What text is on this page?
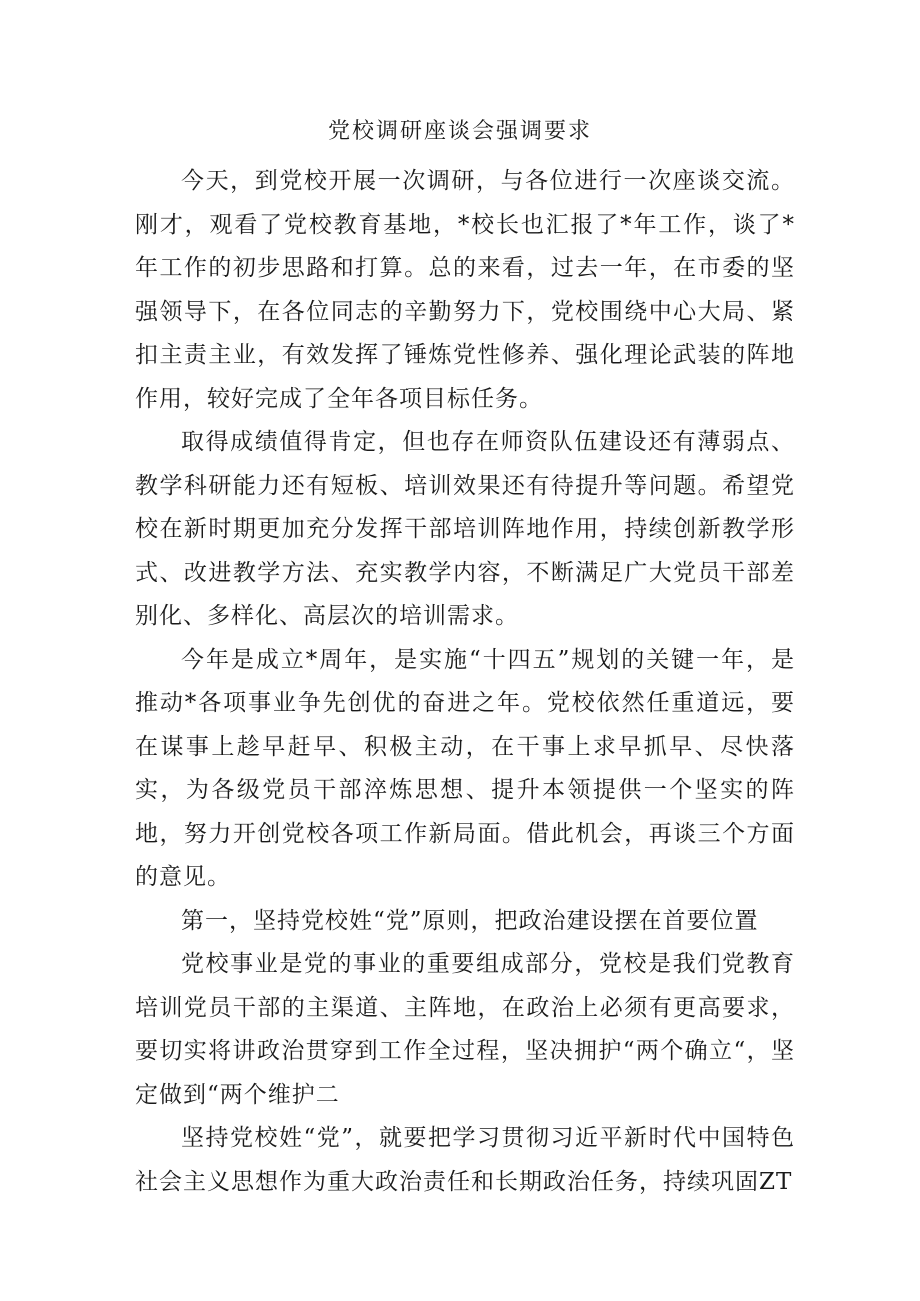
党校调研座谈会强调要求

今天，到党校开展一次调研，与各位进行一次座谈交流。刚才，观看了党校教育基地，*校长也汇报了*年工作，谈了*年工作的初步思路和打算。总的来看，过去一年，在市委的坚强领导下，在各位同志的辛勤努力下，党校围绕中心大局、紧扣主责主业，有效发挥了锤炼党性修养、强化理论武装的阵地作用，较好完成了全年各项目标任务。

取得成绩值得肯定，但也存在师资队伍建设还有薄弱点、教学科研能力还有短板、培训效果还有待提升等问题。希望党校在新时期更加充分发挥干部培训阵地作用，持续创新教学形式、改进教学方法、充实教学内容，不断满足广大党员干部差别化、多样化、高层次的培训需求。

今年是成立*周年，是实施“十四五”规划的关键一年，是推动*各项事业争先创优的奋进之年。党校依然任重道远，要在谋事上趁早赶早、积极主动，在干事上求早抓早、尽快落实，为各级党员干部淬炼思想、提升本领提供一个坚实的阵地，努力开创党校各项工作新局面。借此机会，再谈三个方面的意见。

第一，坚持党校姓“党”原则，把政治建设摆在首要位置

党校事业是党的事业的重要组成部分，党校是我们党教育培训党员干部的主渠道、主阵地，在政治上必须有更高要求，要切实将讲政治贯穿到工作全过程，坚决拥护“两个确立“，坚定做到“两个维护二

坚持党校姓“党”，就要把学习贯彻习近平新时代中国特色社会主义思想作为重大政治责任和长期政治任务，持续巩固ZT
